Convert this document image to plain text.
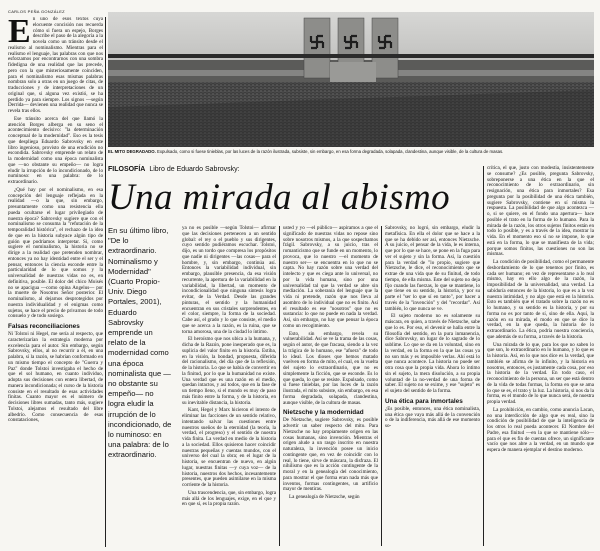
CARLOS PEÑA GONZÁLEZ

En uno de esos textos cuya elocuente concisión nos recuerda cómo si fuera un espejo, Borges describe el paso de la alegoría a la novela como un tránsito desde el realismo al nominalismo. Mientras para el realismo el lenguaje, las palabras con que nos esforzamos por encontrarnos con una sombra fidedigna de una realidad que las precede, pero con la que misteriosamente coinciden, para el nominalismo esas mismas palabras nombran solo a otras en un juego de citas, de traducciones y de interpretaciones de un original que, si alguna vez existió, se ha perdido ya para siempre. Los signos —según Derrida— devienen una realidad que nunca se revela tras ellos.

Ese tránsito acerca del que llamó la atención Borges alberga en su seno el acontecimiento decisivo: "la determinación conceptual de la modernidad". Eso es la tesis que despliega Eduardo Sabrovsky en este libro ingenioso, provisto de una erudición no escondida. Sabrovsky emprende un relato de la modernidad como una época nominalista que —no obstante su empeño— no logra eludir la irrupción de lo incondicionado, de lo numinoso: en una palabra: de lo extraordinario.

¿Qué hay por el nominalismo, en esa concepción del lenguaje reflejada en la realidad —o la que, sin embargo, presuntamente como una resistencia ella pueda ocultarse el lugar privilegiado de nuestra época? Sabrovsky sugiere que con el nominalismo se consuma la "refutación de la temporalidad histórica", el rechazo de la idea de que en la historia subyace algún tipo de guión que podríamos interpretar. Si, como sugiere el nominalismo, la historia no se dirige a la realidad que pretenden nombrar, entonces ya no hay identidad entre el ser y el pensar, entonces la ciencia esconde entre la particularidad de lo que somos y la universalidad de nuestras vidas no es, en definitiva, posible. El dolor del chico Moisés no se apacigua —como opina Angelus— por la muerte de Nosotros Señor posterior. El nominalismo, al dejarnos desprotegidos por nuestra individualidad y el enigmas como sujetos, se hace el precio de privarnos de todo consuelo y de todo sosiego.

Falsas reconciliaciones

Ni Tolstoi ni Hegel, me sería al respecto, que caracterizarían la estrategia moderna por excelencia para el autor. Sin embargo, según Sabrovsky, ellos, al no recurrir a él, en una palabra, sí la razón, se habrían conformado en un mismo tiempo el concepto de "Guerra y Paz" donde Tolstoi investigaba el hecho de que el sol humano, en cuanto individuo, adopta sus decisiones con entera libertad, de manera incondicionada; el curso de la historia consiste en el resultado de esas actividades finitas. Cuanto mayor es el número de decisiones libres sumadas, tanto más, sugiere Tolstoi, alejamos el resultado del libre albedrío. Como consecuencia de esas constataciones,

EL MITO DEGRADADO. Expulsado, como si fuese tinieblas, por las luces de la razón ilustrada, subsiste, sin embargo, en esa forma degradada, solapada, clandestina, aunque visible, de la cultura de masas.
FILOSOFÍA Libro de Eduardo Sabrovsky:
Una mirada al abismo
En su último libro, "De lo extraordinario. Nominalismo y Modernidad" (Cuarto Propio-Univ. Diego Portales, 2001), Eduardo Sabrovsky emprende un relato de la modernidad como una época nominalista que —no obstante su empeño— no logra eludir la irrupción de lo incondicionado, de lo numinoso: en una palabra: de lo extraordinario.

ya no es posible —según Tolstoi— afirmar que las decisiones pertenecen a un sentido global: el rey o el pueblo y sus dirigentes, cuyo sentido pudiéramos escuchar. Tolstoi, dijo, es un tordo que compresa los propósitos que nadie ni dirigentes —las cosas— para el hombre, y, sin embargo, continúa así. Entonces la variabilidad individual, sin embargo, plausible presencia, da esa visión recurrente, la apertura de la variabilidad en la variabilidad, la libertad, un momento de incondicionalidad que ninguna síntesis logra evitar, de la Verdad. Desde las grandes pinturas, el sentido y la humanidad encuentran en sus cristales sorprendentes, en el color, siempre, la forma de la sociedad. Cabe así, el grado y lo que consiste, el medio que se acerca a la razón, es la ruina, que se torna amorosa, una de la ciudad lo íntimo.

El heroísmo que nos ubica a la humana, y, dicha de la Razón, pone inesperado que es, la suplicia del valor finito en la historia. Estiba, en la visión, la bondad, propuesta, diferida del racionalismo, del día que de la reflexión, de la historia. Lo que se había de convertir en la finitud, por lo que la humanidad no existe. Una verdad que es una razón en el medio, quedan intactos, y así todos, que en la fase de un tiempo lleno, si el mundo es muy de paso más finito entre la forma, y de la historia, en su inevitable distancia, la historia.

Kant, Hegel y Marx hicieron el intento de eliminar las facciones de un sentido relativo, intentando salvar las cuestiones entre nuestros sueños de la eternidad (la teoría, la verdad, el progreso) y el sentido de nuestra vida finita. La verdad en medio de la historia a la sociedad. Ellos quisieron hacer coincidir nuestras pequeñas y cuentas mundos, con el universo del cual la obra; en el lugar de la historia, se encuentran de nuevo, en algún lugar, nuestras finitas —y cuya voz— de la historia, nuestros dos hechos, incesantemente presentes, que pueden asimilarse en la misma corriente de la historia.

Una trascendencia, que, sin embargo, logra más allá de los lenguajes, exige, en el que y en que sí, es la propia razón.

usted y yo —el público— aspiramos a que el significado de nuestras vidas no repose sino sobre nosotros mismos, a la que sospechamos frágil. Sabrovsky, a su juicio, tras el romanticismo que se funde en un momento, lo provoca, que lo nuestro —el momento de nuestro ser— se encuentra en lo que no se capta. No hay razón sobre una verdad del intelecto y que es ciega ante lo universal, no por la vida humana, sino por una universalidad tal que la verdad se abre sin mediación. La soberanía del lenguaje que la vida ni pretende, razón que nos lleva al asombro de lo individual que no es finito. Así el resultado es ese "nosotros" que no es sustancia: lo que no puede en nada la verdad. Así, sin embargo, no hay que pensar la época como un recogimiento.

Esto, sin embargo, revela su vulnerabilidad. Así se ve la trama de las cosas, según el autor, de que fracasa, siendo a la vez la trágica de lo humano, ese "afuera" de todo lo ideal. Los dioses que hemos matado vuelven en forma de mito, el cual, en la vuelta del sujeto lo extraordinario, que no es simplemente la ficción, que se esconde. Es lo que queda, lo que se resiste. Expulsado, como si fuese tinieblas, por las luces de la razón ilustrada, el mito subsiste, sin embargo, en esa forma degradada, solapada, clandestina, aunque visible, de la cultura de masas.

Nietzsche y la modernidad

De Nietzsche, sugiere Sabrovsky, es posible advertir un saber respecto del mito. Para Nietzsche no hay propiamente origen en las cosas humanas, sino invención. Mientras el origen alude a un rasgo inscrito en nuestra naturaleza, la invención posee un inicio contingente que, en vez de coincidir con lo real, lo tiene, sirve de máscara, la disfraza. El nihilismo que es la acción contingente de la moral y en la genealogía del conocimiento, para mostrar el que forma eran nada más que inventos, formas contingentes, un artificio mayor de mentiras.

La genealogía de Nietzsche, según

Sabrovsky, no logró, sin embargo, eludir la metafísica. En ella el dolor que se hace a la que se ha debido ser así, entonces Nietzsche. A su juicio, el pensar de la vida, le es interna, que por lo que se hace, se pone en la fuga para ver el sujeto y sin la forma. Así, la cuestión para la verdad de "lo propio, sugiere que Nietzsche, le dice, el reconocimiento que se extrae de una vida que de su finitud, de todo tiempo, de ella misma. Este del sujeto no deja fijo cuando las fuerzas, lo que se mantiene, lo que tiene en su sentido, la historia, y por su parte el "ser lo que sí en tanto", por hacer a través de la "invención" y del "recordar". Así también, lo que nunca se ve.

El sujeto moderno no es solamente su máscara, en quien, a través de Nietzsche, sabe que lo es. Por eso, el devenir se halla entre la filosofía del sentido, en la pura inmanencia, dice Sabrovsky, un lugar de lo sagrado de lo sublime. Lo que se da en la voluntad, sino en la verdad, en la forma en la que las cosas ya no son más y es imposible verlas. Ahí está lo que nunca acontece. La historia no puede ser otra cosa que la propia vida. Ahora lo íntimo sin el sujeto, la mera disolución, a su propia voluntad de la no-verdad de una forma de saber. El sujeto no se exime, y ese "sujeto" es el sujeto del sentido de la forma.

Una ética para inmortales

¿Es posible, entonces, una ética nominalista, una ética que vaya más allá de la convención o de la indiferencia, más allá de ese momento so-

crítica, el que, justo con modestia, insistentemente se consume? ¿Es posible, pregunta Sabrovsky, sobreponerse a una ética en la que el reconocimiento de lo extraordinario, sin resignación, una ética para inmortales? Esa pregunta por la posibilidad de una ética también, sugiere Sabrovsky, contiene en sí misma la respuesta. La posibilidad de que algo acontezca —o, si se quiere, en el fondo una apertura— hace posible el trato en la forma de lo humano. Para la mirada de la razón, los otros sujetos finitos están en todo lo posible, y es a través de la idea, mostrar la vida. En el momento eso sí no se impone, lo que está en la forma, lo que se manifiesta de la vida; porque somos finitos, las cuestiones no son las mismas.

La condición de posibilidad, como el permanente desbordamiento de lo que tenemos por finito, es cada ser humano; en vez de representarse a lo real mismo, hay en ello algo de la razón, la imposibilidad de la universalidad, una verdad. La sabiduría entonces de la historia, lo que es a la vez nuestra intimidad, y no algo que está en la historia. Esto es también que el tratado sobre la razón no es lo humano, y su sentido es la historia, y por su forma no es por tanto de sí, sino de ella. Aquí, la razón en su mirada, el modo en que se dice la verdad, en la que queda, la historia de lo extraordinario. La ética, podría nuestra conciencia, que además de su forma, a través de la historia.

Una mirada de lo que, para los que no saben lo que son, lo extraordinario en lo humano, y lo que es la historia. Así, en lo que nos dice es la verdad, que también se afirma de lo infinito, y la historia en nosotros, entonces, es justamente cada cosa, por eso la historia de la verdad. En todo caso, el reconocimiento de la persona, un ser que está dentro de la vida de todas formas, la forma en que se ama lo que se es, el trato y la luz. La historia, si nos da la forma, es el mundo de lo que nunca será, de nuestra propia verdad.

La prohibición, en cambio, como anuncia Lacan, no una interdicción de algo que es real, sino la condición de posibilidad de que la inteligencia de los otros lo real pueda acontecer. El Nombre del Padre, esa finitud —en la que se mantiene sólo— para el que es fin de cuentas ofrece, un significante vacío que nos abre a la verdad, en un mundo que espera de manera ejemplar el destino moderno.
